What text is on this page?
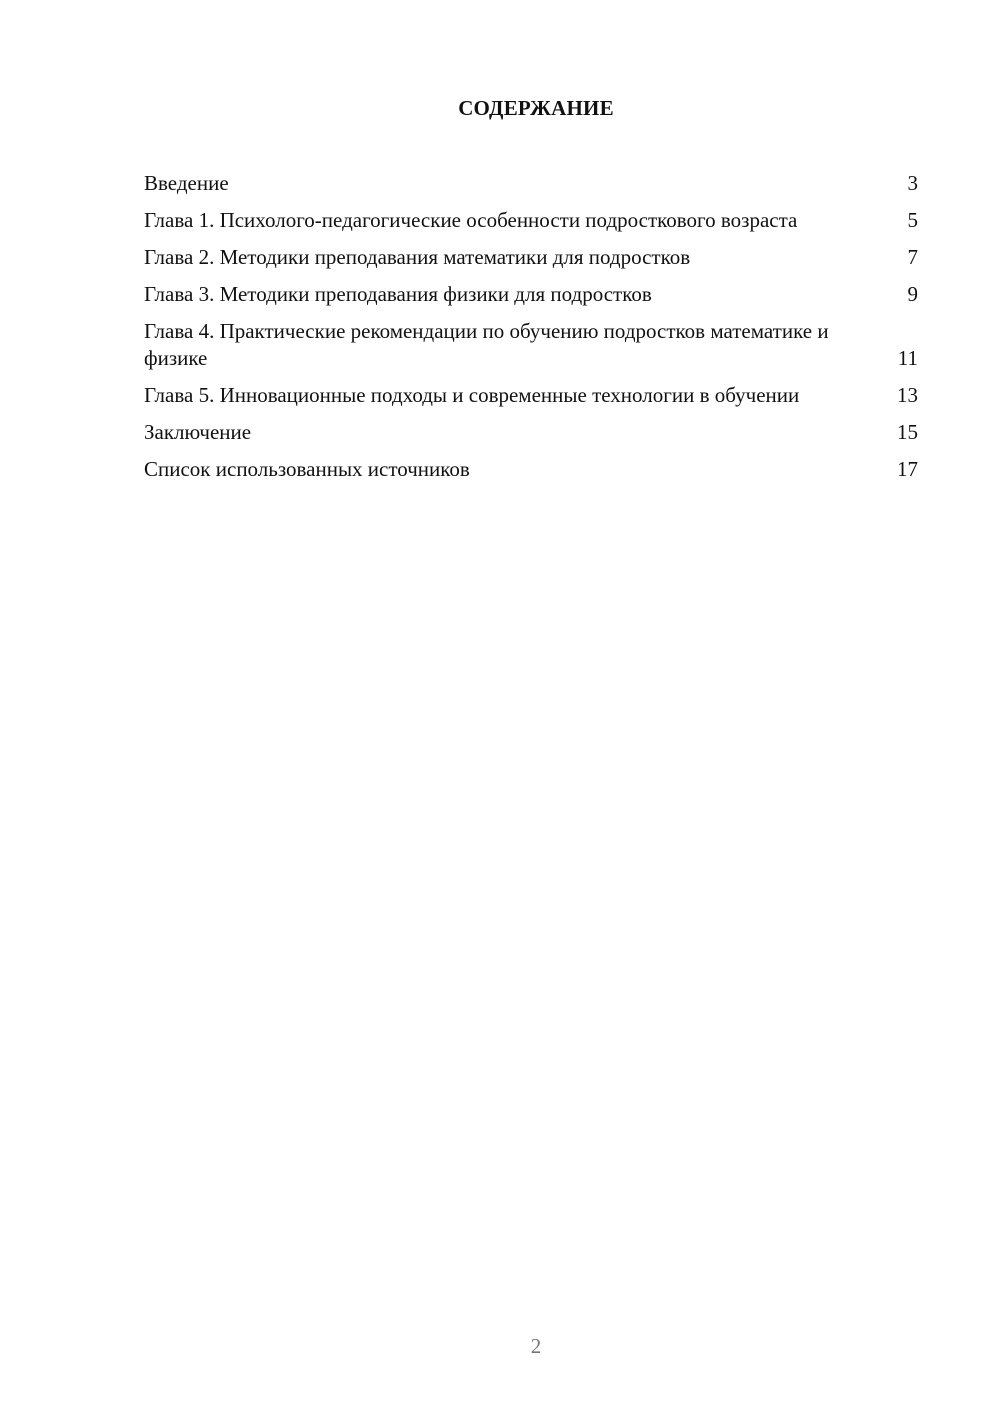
СОДЕРЖАНИЕ
Введение	3
Глава 1. Психолого-педагогические особенности подросткового возраста	5
Глава 2. Методики преподавания математики для подростков	7
Глава 3. Методики преподавания физики для подростков	9
Глава 4. Практические рекомендации по обучению подростков математике и физике	11
Глава 5. Инновационные подходы и современные технологии в обучении	13
Заключение	15
Список использованных источников	17
2
